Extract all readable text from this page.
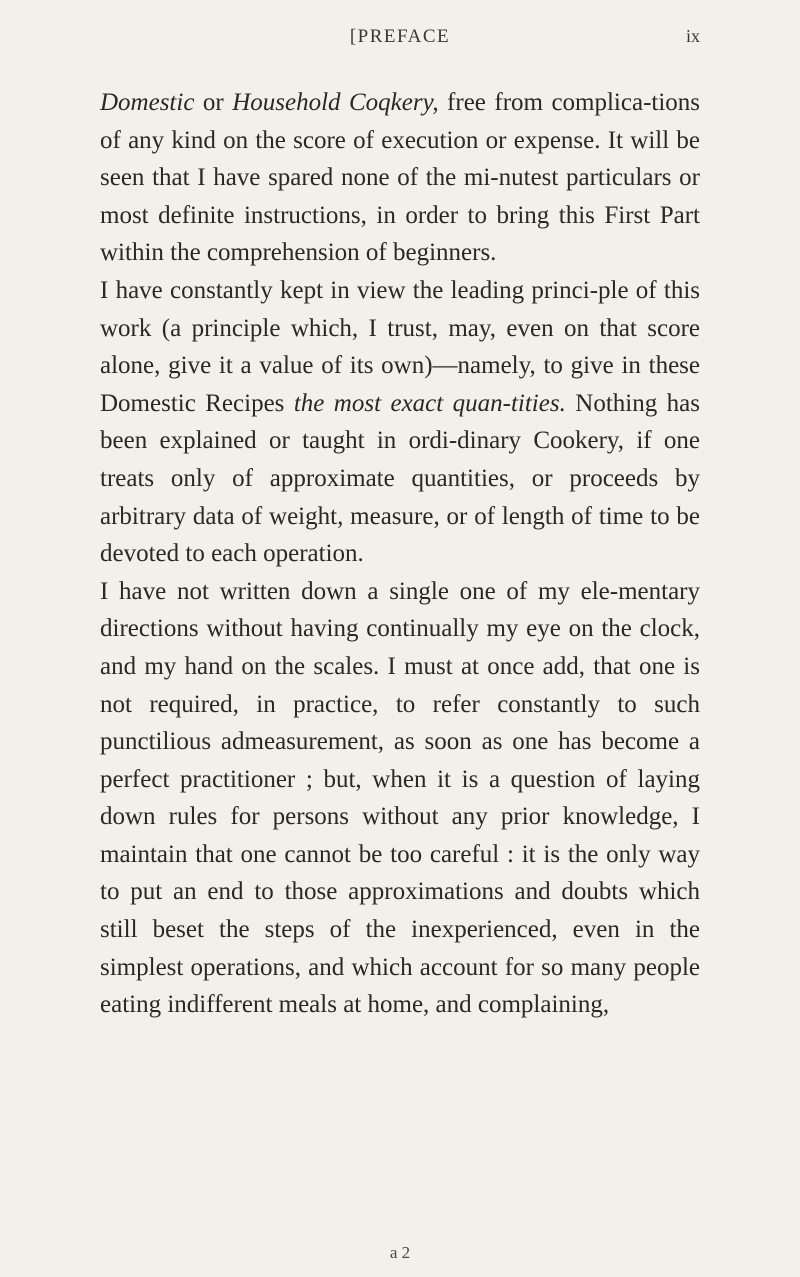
[PREFACE	ix

Domestic or Household Coqkery, free from complica-tions of any kind on the score of execution or expense. It will be seen that I have spared none of the mi-nutest particulars or most definite instructions, in order to bring this First Part within the comprehension of beginners.

I have constantly kept in view the leading princi-ple of this work (a principle which, I trust, may, even on that score alone, give it a value of its own)—namely, to give in these Domestic Recipes the most exact quan-tities. Nothing has been explained or taught in ordi-dinary Cookery, if one treats only of approximate quantities, or proceeds by arbitrary data of weight, measure, or of length of time to be devoted to each operation.

I have not written down a single one of my ele-mentary directions without having continually my eye on the clock, and my hand on the scales. I must at once add, that one is not required, in practice, to refer constantly to such punctilious admeasurement, as soon as one has become a perfect practitioner ; but, when it is a question of laying down rules for persons without any prior knowledge, I maintain that one cannot be too careful : it is the only way to put an end to those approximations and doubts which still beset the steps of the inexperienced, even in the simplest operations, and which account for so many people eating indifferent meals at home, and complaining,

a 2
